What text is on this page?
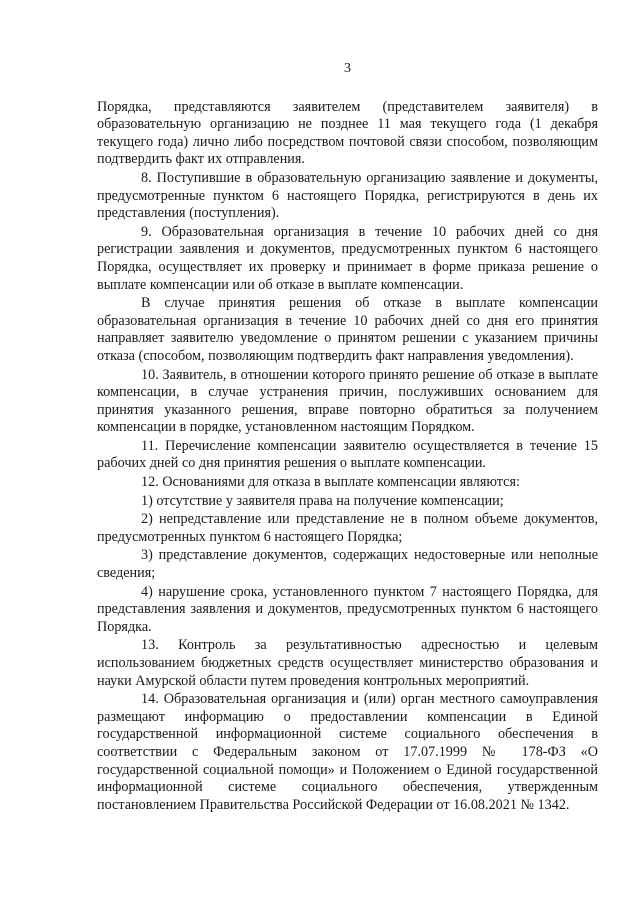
3

Порядка, представляются заявителем (представителем заявителя) в образовательную организацию не позднее 11 мая текущего года (1 декабря текущего года) лично либо посредством почтовой связи способом, позволяющим подтвердить факт их отправления.

8. Поступившие в образовательную организацию заявление и документы, предусмотренные пунктом 6 настоящего Порядка, регистрируются в день их представления (поступления).

9. Образовательная организация в течение 10 рабочих дней со дня регистрации заявления и документов, предусмотренных пунктом 6 настоящего Порядка, осуществляет их проверку и принимает в форме приказа решение о выплате компенсации или об отказе в выплате компенсации.

В случае принятия решения об отказе в выплате компенсации образовательная организация в течение 10 рабочих дней со дня его принятия направляет заявителю уведомление о принятом решении с указанием причины отказа (способом, позволяющим подтвердить факт направления уведомления).

10. Заявитель, в отношении которого принято решение об отказе в выплате компенсации, в случае устранения причин, послуживших основанием для принятия указанного решения, вправе повторно обратиться за получением компенсации в порядке, установленном настоящим Порядком.

11. Перечисление компенсации заявителю осуществляется в течение 15 рабочих дней со дня принятия решения о выплате компенсации.

12. Основаниями для отказа в выплате компенсации являются:

1) отсутствие у заявителя права на получение компенсации;

2) непредставление или представление не в полном объеме документов, предусмотренных пунктом 6 настоящего Порядка;

3) представление документов, содержащих недостоверные или неполные сведения;

4) нарушение срока, установленного пунктом 7 настоящего Порядка, для представления заявления и документов, предусмотренных пунктом 6 настоящего Порядка.

13. Контроль за результативностью адресностью и целевым использованием бюджетных средств осуществляет министерство образования и науки Амурской области путем проведения контрольных мероприятий.

14. Образовательная организация и (или) орган местного самоуправления размещают информацию о предоставлении компенсации в Единой государственной информационной системе социального обеспечения в соответствии с Федеральным законом от 17.07.1999 № 178-ФЗ «О государственной социальной помощи» и Положением о Единой государственной информационной системе социального обеспечения, утвержденным постановлением Правительства Российской Федерации от 16.08.2021 № 1342.
